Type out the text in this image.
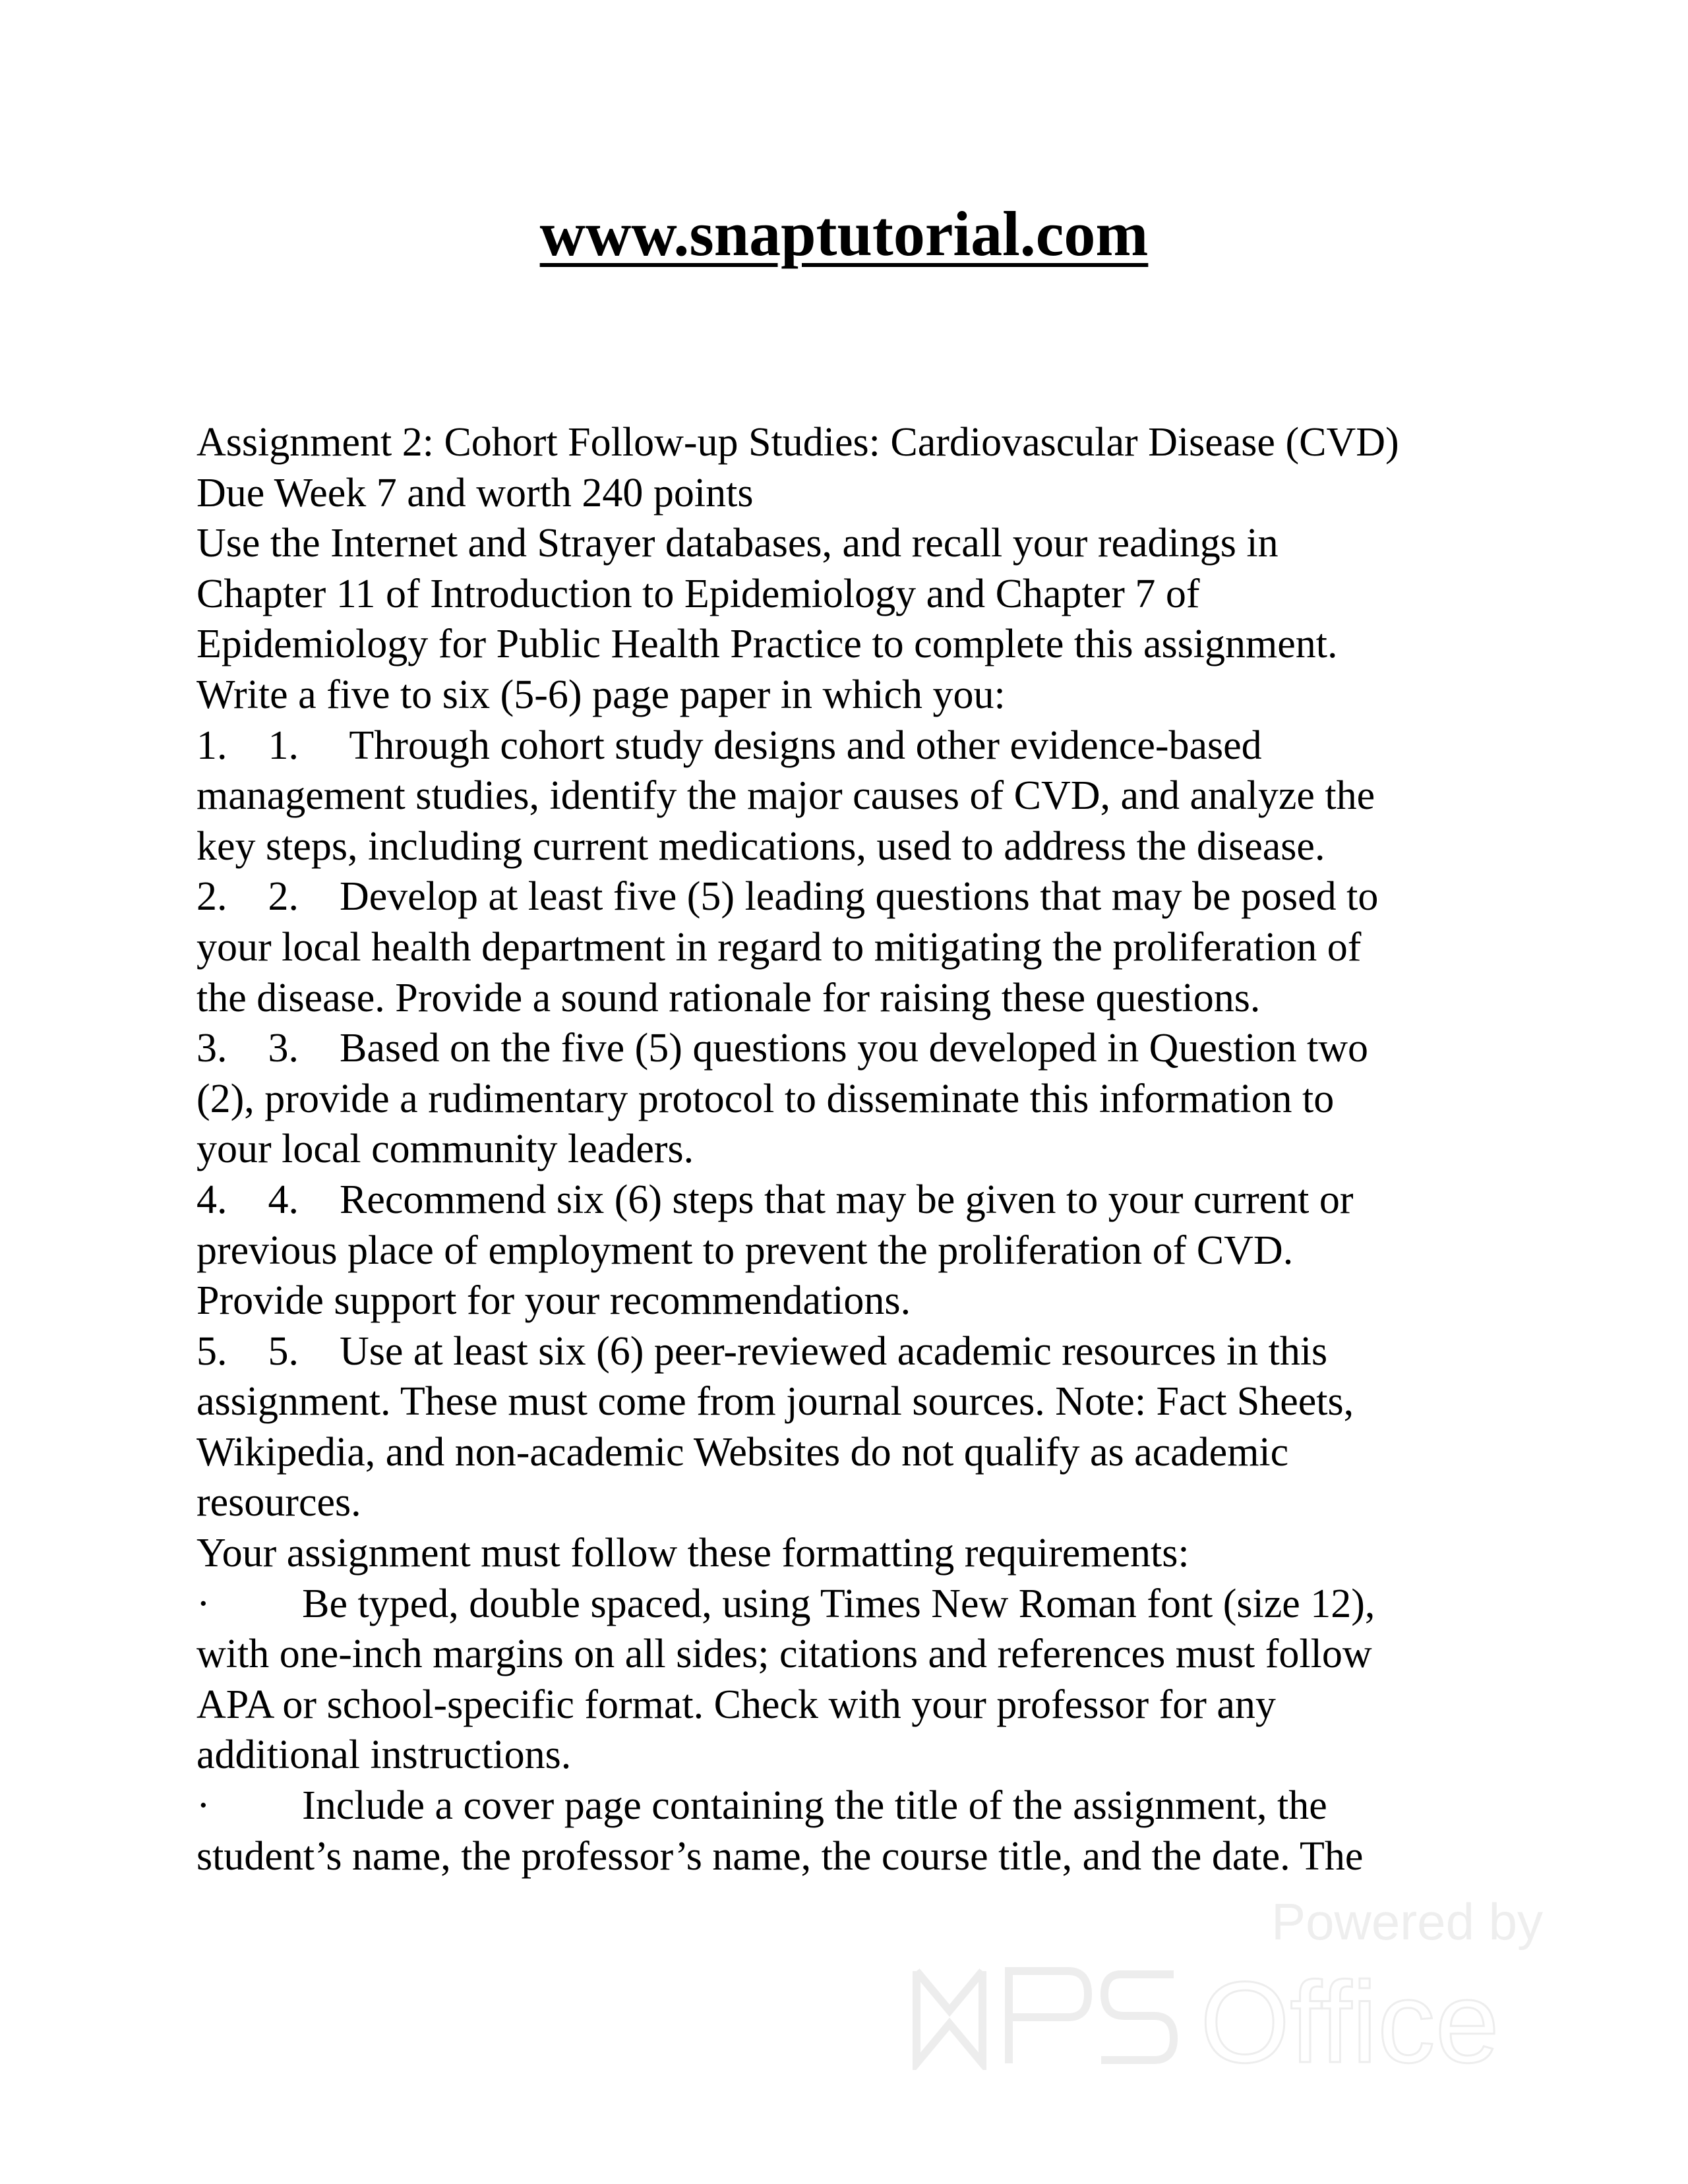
www.snaptutorial.com
Assignment 2: Cohort Follow-up Studies: Cardiovascular Disease (CVD)
Due Week 7 and worth 240 points
Use the Internet and Strayer databases, and recall your readings in
Chapter 11 of Introduction to Epidemiology and Chapter 7 of
Epidemiology for Public Health Practice to complete this assignment.
Write a five to six (5-6) page paper in which you:
1.    1.     Through cohort study designs and other evidence-based
management studies, identify the major causes of CVD, and analyze the
key steps, including current medications, used to address the disease.
2.    2.    Develop at least five (5) leading questions that may be posed to
your local health department in regard to mitigating the proliferation of
the disease. Provide a sound rationale for raising these questions.
3.    3.    Based on the five (5) questions you developed in Question two
(2), provide a rudimentary protocol to disseminate this information to
your local community leaders.
4.    4.    Recommend six (6) steps that may be given to your current or
previous place of employment to prevent the proliferation of CVD.
Provide support for your recommendations.
5.    5.    Use at least six (6) peer-reviewed academic resources in this
assignment. These must come from journal sources. Note: Fact Sheets,
Wikipedia, and non-academic Websites do not qualify as academic
resources.
Your assignment must follow these formatting requirements:
·         Be typed, double spaced, using Times New Roman font (size 12),
with one-inch margins on all sides; citations and references must follow
APA or school-specific format. Check with your professor for any
additional instructions.
·         Include a cover page containing the title of the assignment, the
student’s name, the professor’s name, the course title, and the date. The
Powered by
Office
